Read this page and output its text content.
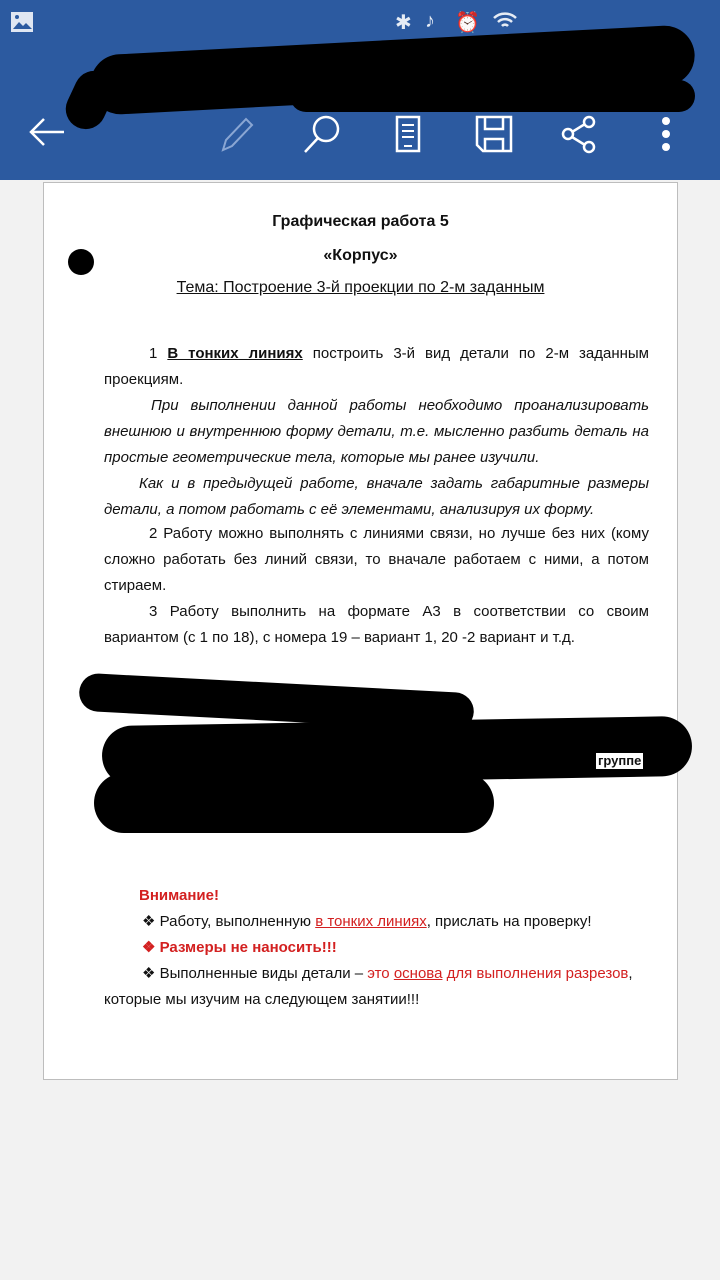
✱ ♪ ⏰
Графическая работа 5
«Корпус»
Тема: Построение 3-й проекции по 2-м заданным
1 В тонких линиях построить 3-й вид детали по 2-м заданным проекциям.
При выполнении данной работы необходимо проанализировать внешнюю и внутреннюю форму детали, т.е. мысленно разбить деталь на простые геометрические тела, которые мы ранее изучили.
Как и в предыдущей работе, вначале задать габаритные размеры детали, а потом работать с её элементами, анализируя их форму.
2 Работу можно выполнять с линиями связи, но лучше без них (кому сложно работать без линий связи, то вначале работаем с ними, а потом стираем.
3 Работу выполнить на формате А3 в соответствии со своим вариантом (с 1 по 18), с номера 19 – вариант 1, 20 -2 вариант и т.д.
группе
Внимание!
❖ Работу, выполненную в тонких линиях, прислать на проверку!
❖ Размеры не наносить!!!
❖ Выполненные виды детали – это основа для выполнения разрезов, которые мы изучим на следующем занятии!!!
